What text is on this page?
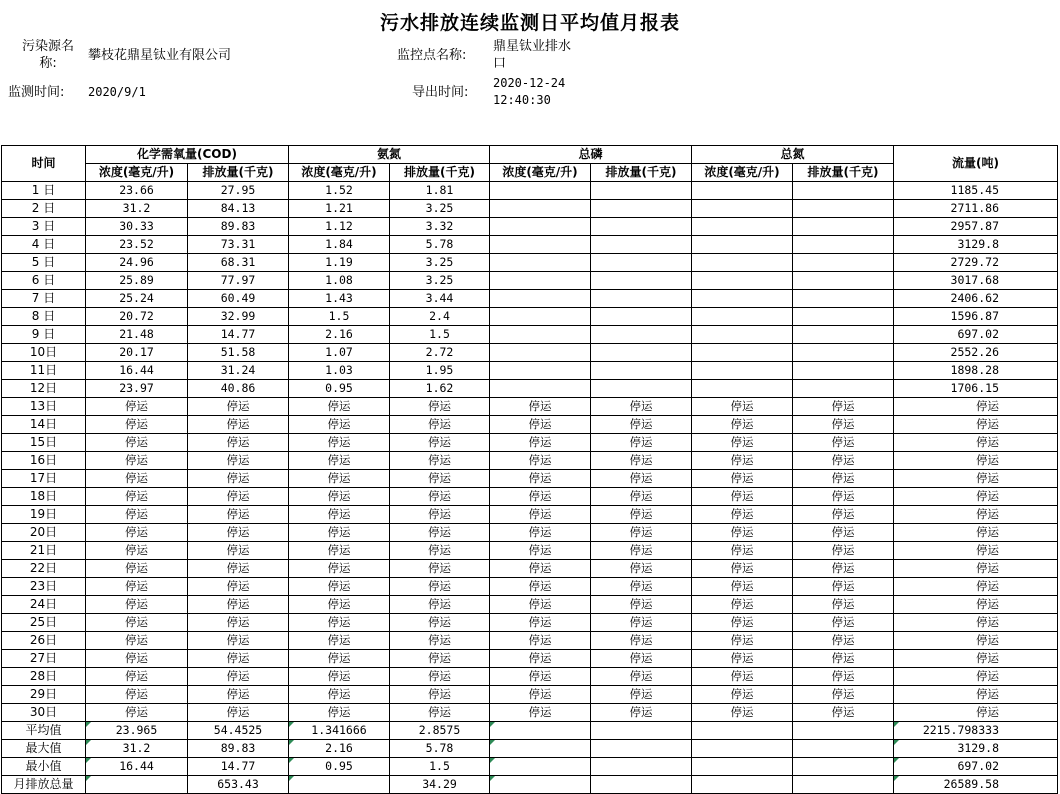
污水排放连续监测日平均值月报表
污染源名
称:
攀枝花鼎星钛业有限公司	监控点名称:
鼎星钛业排水
口
监测时间: 2020/9/1	导出时间:
2020-12-24
12:40:30
时间	化学需氧量(COD)		氨氮		总磷		总氮		流量(吨)
	浓度(毫克/升)	排放量(千克)	浓度(毫克/升)	排放量(千克)	浓度(毫克/升)	排放量(千克)	浓度(毫克/升)	排放量(千克)	
1 日	23.66	27.95	1.52	1.81					1185.45
2 日	31.2	84.13	1.21	3.25					2711.86
3 日	30.33	89.83	1.12	3.32					2957.87
4 日	23.52	73.31	1.84	5.78					3129.8
5 日	24.96	68.31	1.19	3.25					2729.72
6 日	25.89	77.97	1.08	3.25					3017.68
7 日	25.24	60.49	1.43	3.44					2406.62
8 日	20.72	32.99	1.5	2.4					1596.87
9 日	21.48	14.77	2.16	1.5					697.02
10日	20.17	51.58	1.07	2.72					2552.26
11日	16.44	31.24	1.03	1.95					1898.28
12日	23.97	40.86	0.95	1.62					1706.15
13日	停运	停运	停运	停运	停运	停运	停运	停运	停运
14日	停运	停运	停运	停运	停运	停运	停运	停运	停运
15日	停运	停运	停运	停运	停运	停运	停运	停运	停运
16日	停运	停运	停运	停运	停运	停运	停运	停运	停运
17日	停运	停运	停运	停运	停运	停运	停运	停运	停运
18日	停运	停运	停运	停运	停运	停运	停运	停运	停运
19日	停运	停运	停运	停运	停运	停运	停运	停运	停运
20日	停运	停运	停运	停运	停运	停运	停运	停运	停运
21日	停运	停运	停运	停运	停运	停运	停运	停运	停运
22日	停运	停运	停运	停运	停运	停运	停运	停运	停运
23日	停运	停运	停运	停运	停运	停运	停运	停运	停运
24日	停运	停运	停运	停运	停运	停运	停运	停运	停运
25日	停运	停运	停运	停运	停运	停运	停运	停运	停运
26日	停运	停运	停运	停运	停运	停运	停运	停运	停运
27日	停运	停运	停运	停运	停运	停运	停运	停运	停运
28日	停运	停运	停运	停运	停运	停运	停运	停运	停运
29日	停运	停运	停运	停运	停运	停运	停运	停运	停运
30日	停运	停运	停运	停运	停运	停运	停运	停运	停运
平均值	23.965	54.4525	1.341666	2.8575					2215.798333
最大值	31.2	89.83	2.16	5.78					3129.8
最小值	16.44	14.77	0.95	1.5					697.02
月排放总量		653.43		34.29					26589.58
